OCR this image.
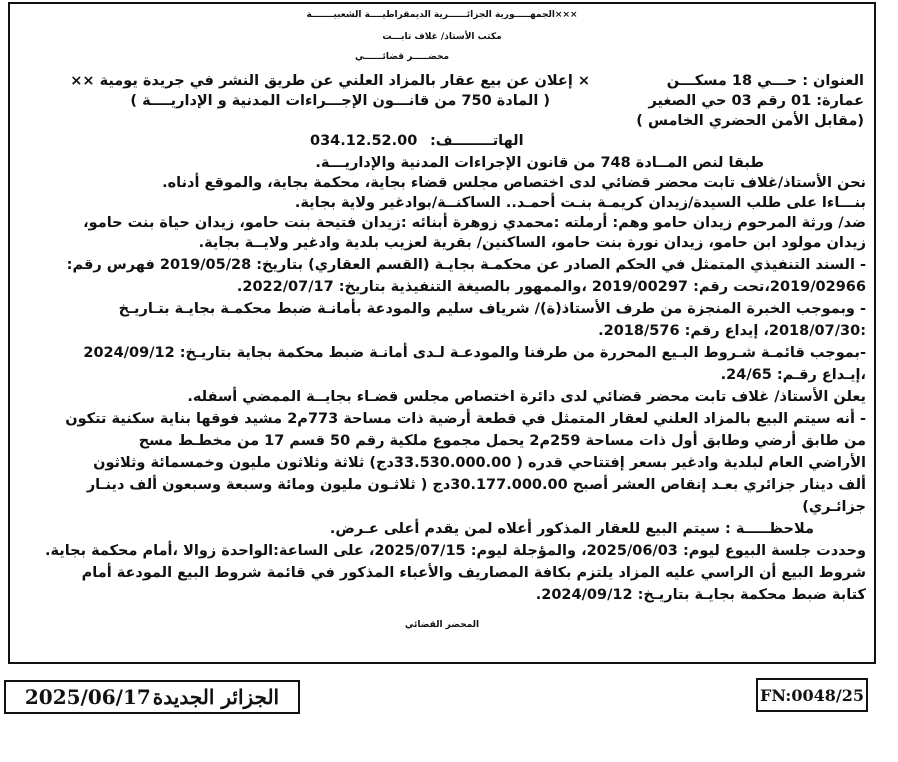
الجمهـــــورية الجزائــــــرية الديمقراطيــــة الشعبيـــــــة×××
مكتب الأستاذ/ غلاف تابـــت
محضـــــر قضائــــــي
العنوان : حـــي 18 مسكـــن
عمارة: 01 رقم 03 حي الصغير
(مقابل الأمن الحضري الخامس )
× إعلان عن بيع عقار بالمزاد العلني عن طريق النشر في جريدة يومية ××
( المادة 750 من قانـــون الإجـــراءات المدنية و الإداريــــة )
034.12.52.00 الهاتــــــــف:
طبقا لنص المــادة 748 من قانون الإجراءات المدنية والإداريـــة.
نحن الأستاذ/غلاف تابت محضر قضائي لدى اختصاص مجلس قضاء بجاية، محكمة بجاية، والموقع أدناه.
بنـــاءا على طلب السيدة/زيدان كريمـة بنـت أحمـد.. الساكنــة/بوادغير ولاية بجاية.
ضد/ ورثة المرحوم زيدان حامو وهم: أرملته :محمدي زوهرة أبنائه :زيدان فتيحة بنت حامو، زيدان حياة بنت حامو،
زيدان مولود ابن حامو، زيدان نورة بنت حامو، الساكنين/ بقرية لعزيب بلدية وادغير ولايــة بجاية.
- السند التنفيذي المتمثل في الحكم الصادر عن محكمـة بجايـة (القسم العقاري) بتاريخ: 2019/05/28 فهرس رقم:
2019/02966،تحت رقم: 2019/00297 ،والممهور بالصيغة التنفيذية بتاريخ: 2022/07/17.
- وبموجب الخبرة المنجزة من طرف الأستاذ(ة)/ شرياف سليم والمودعة بأمانـة ضبط محكمـة بجايـة بتـاريـخ
:2018/07/30، إيداع رقم: 2018/576.
-بموجب قائمـة شـروط البـيع المحررة من طرفنا والمودعـة لـدى أمانـة ضبط محكمة بجاية بتاريـخ: 2024/09/12
،إيـداع رقـم: 24/65.
يعلن الأستاذ/ غلاف تابت محضر قضائي لدى دائرة اختصاص مجلس قضـاء بجايــة الممضي أسفله.
- أنه سيتم البيع بالمزاد العلني لعقار المتمثل في قطعة أرضية ذات مساحة 773م2 مشيد فوقها بناية سكنية تتكون
من طابق أرضي وطابق أول ذات مساحة 259م2 يحمل مجموع ملكية رقم 50 قسم 17 من مخطـط مسح
الأراضي العام لبلدية وادغير بسعر إفتتاحي قدره ( 33.530.000.00دج) ثلاثة وثلاثون مليون وخمسمائة وثلاثون
ألف دينار جزائري بعـد إنقاص العشر أصبح 30.177.000.00دج ( ثلاثـون مليون ومائة وسبعة وسبعون ألف دينـار
جزائـري)
ملاحظـــــة : سيتم البيع للعقار المذكور أعلاه لمن يقدم أعلى عـرض.
وحددت جلسة البيوع ليوم: 2025/06/03، والمؤجلة ليوم: 2025/07/15، على الساعة:الواحدة زوالا ،أمام محكمة بجاية.
شروط البيع أن الراسي عليه المزاد يلتزم بكافة المصاريف والأعباء المذكور في قائمة شروط البيع المودعة أمام
كتابة ضبط محكمة بجايـة بتاريـخ: 2024/09/12.
المحضر القضائي
2025/06/17 الجزائر الجديدة	FN:0048/25
